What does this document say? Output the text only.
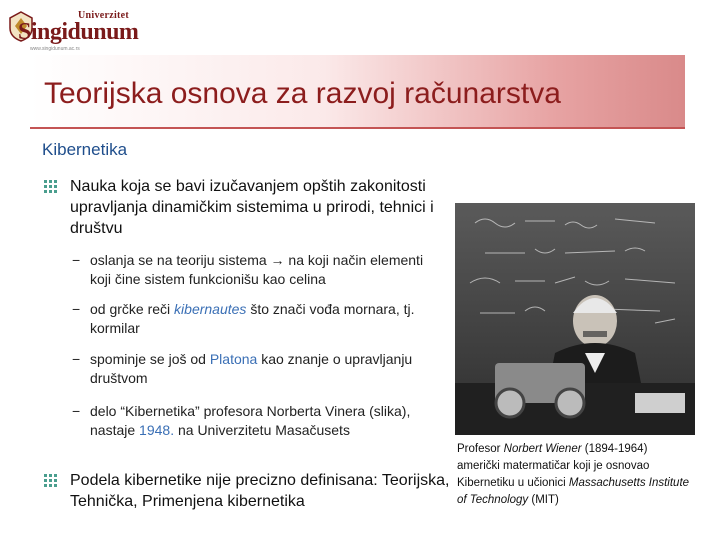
Univerzitet
Singidunum
www.singidunum.ac.rs
Teorijska osnova za razvoj računarstva
Kibernetika
Nauka koja se bavi izučavanjem opštih zakonitosti upravljanja dinamičkim sistemima u prirodi, tehnici i društvu
− oslanja se na teoriju sistema → na koji način elementi koji čine sistem funkcionišu kao celina
− od grčke reči kibernautes što znači vođa mornara, tj. kormilar
− spominje se još od Platona kao znanje o upravljanju društvom
− delo “Kibernetika” profesora Norberta Vinera (slika), nastaje 1948. na Univerzitetu Masačusets
Podela kibernetike nije precizno definisana: Teorijska, Tehnička, Primenjena kibernetika
Profesor Norbert Wiener (1894-1964)
američki matermatičar koji je osnovao Kibernetiku u učionici Massachusetts Institute of Technology (MIT)
